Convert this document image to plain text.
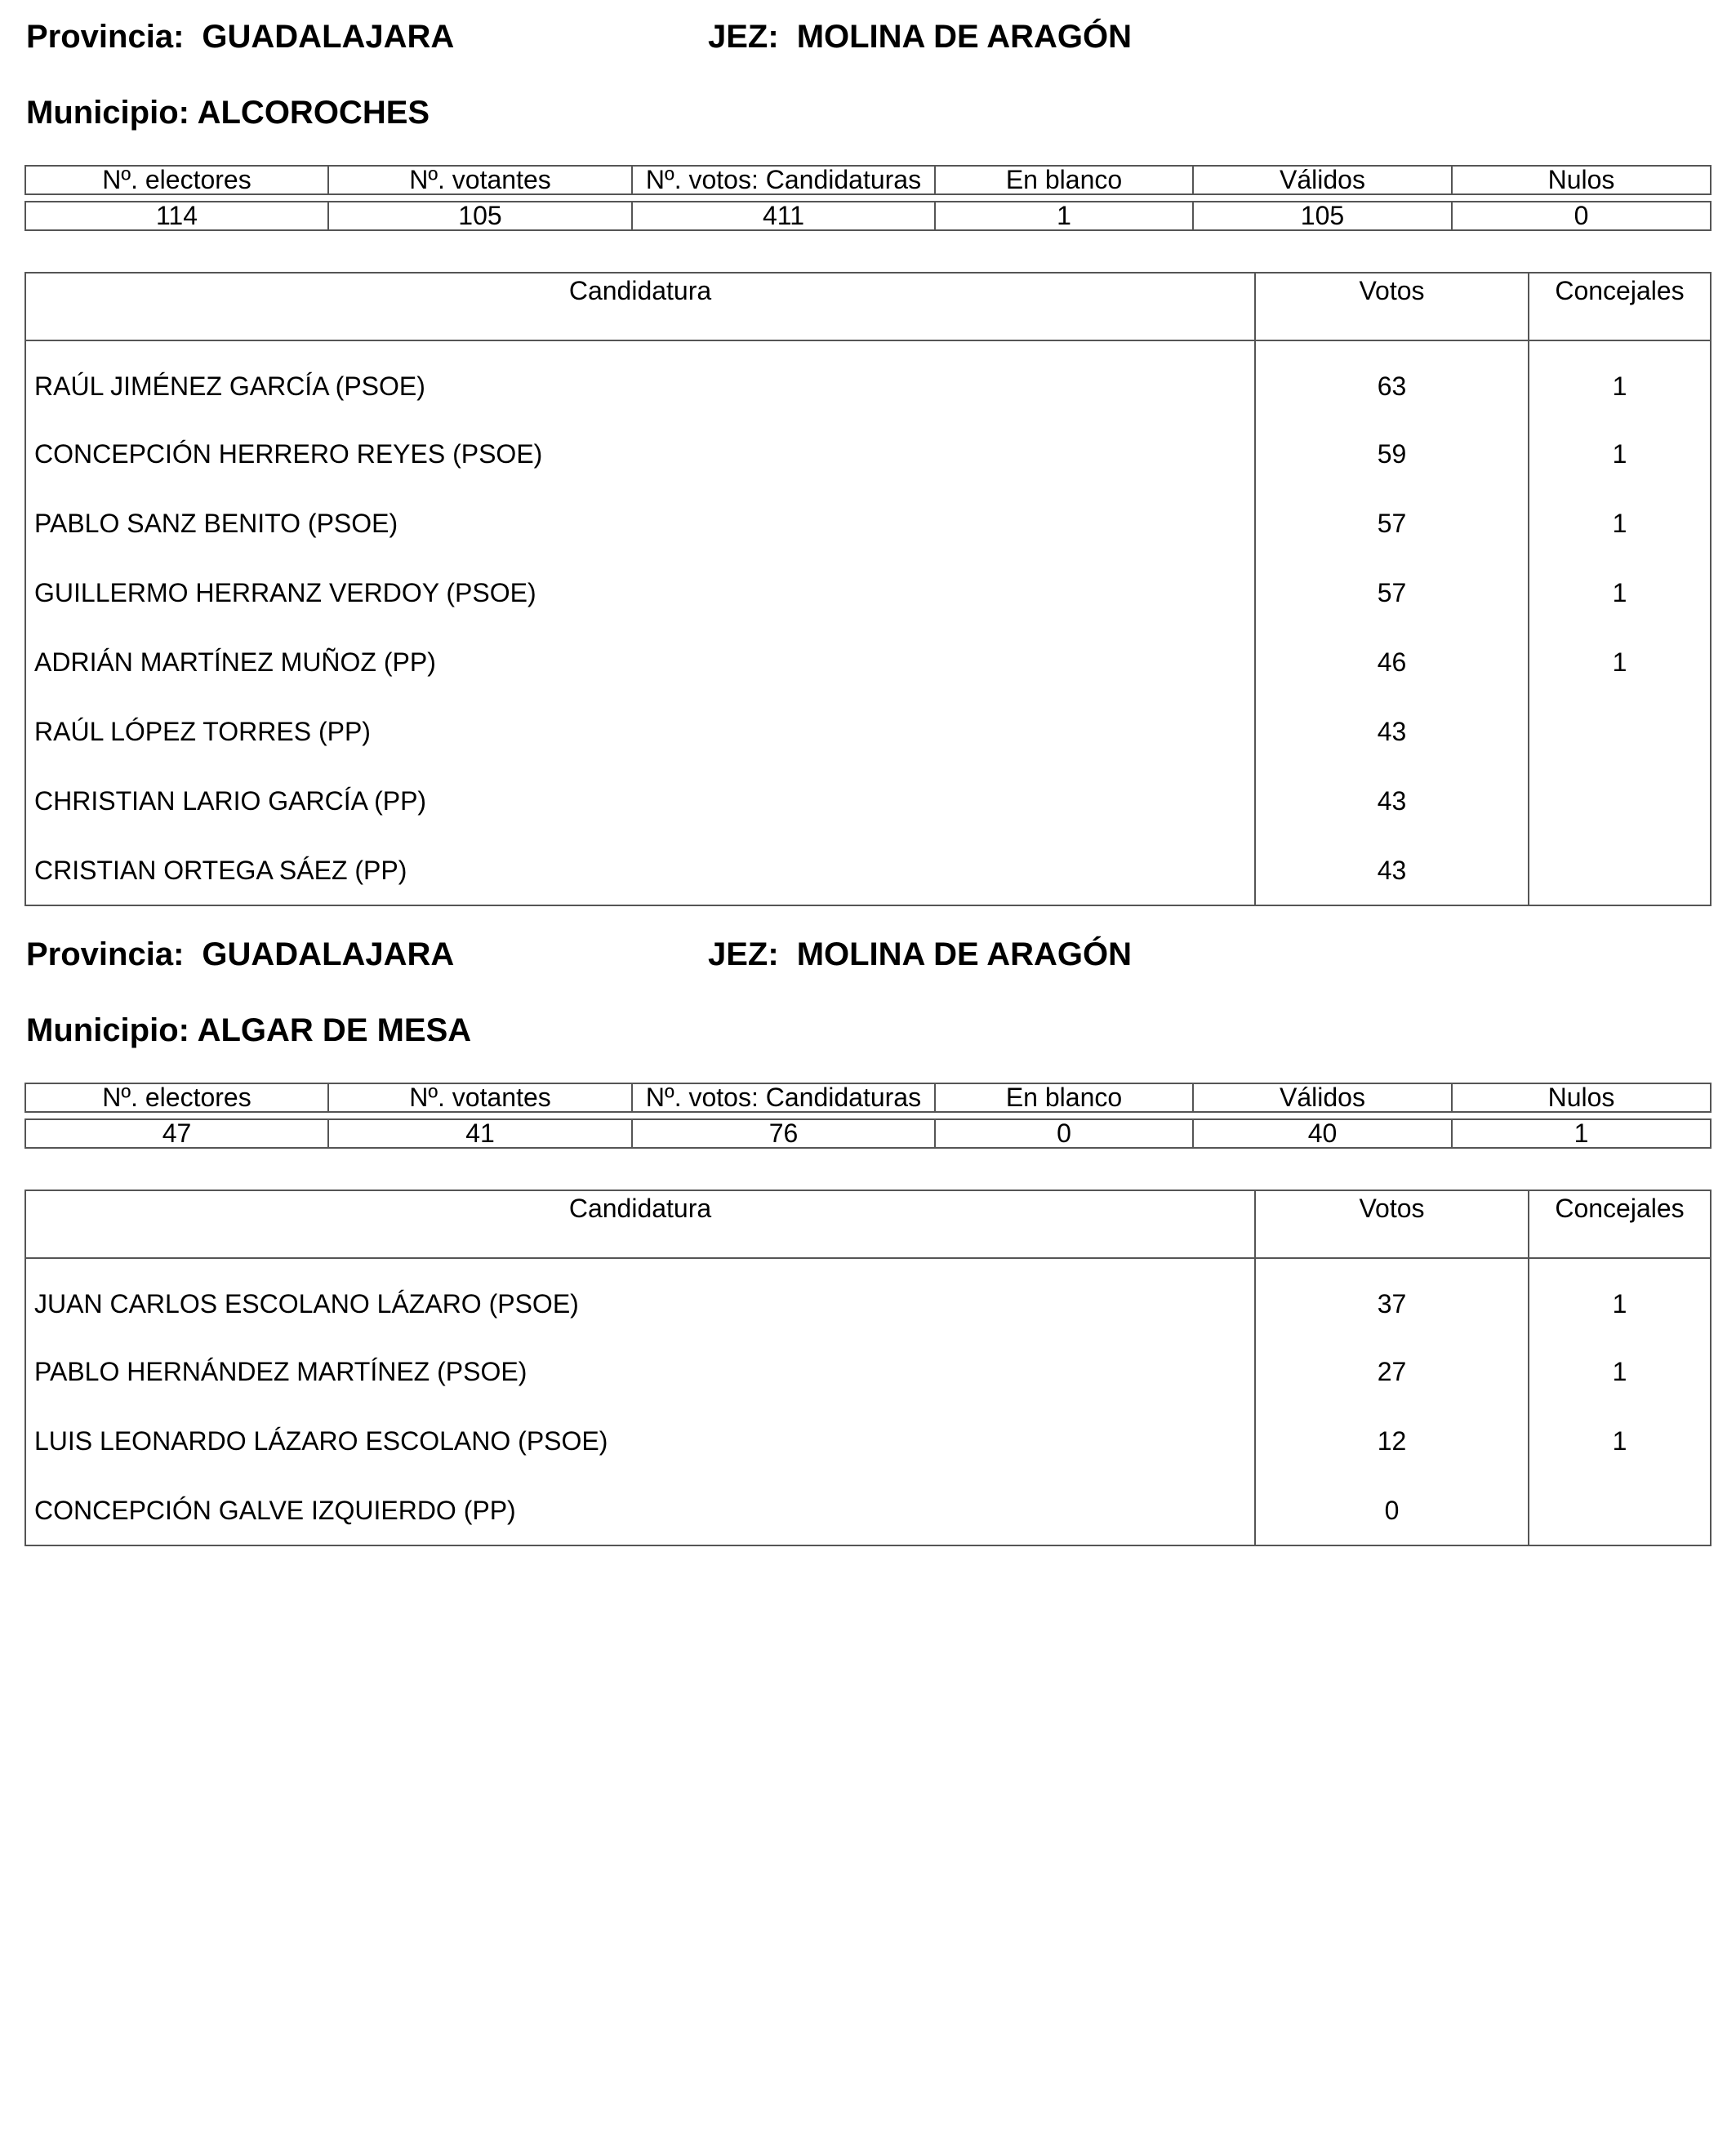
Provincia: GUADALAJARA	JEZ: MOLINA DE ARAGÓN
Municipio: ALCOROCHES
Nº. electores	Nº. votantes	Nº. votos: Candidaturas	En blanco	Válidos	Nulos
114	105	411	1	105	0
Candidatura	Votos	Concejales
RAÚL JIMÉNEZ GARCÍA (PSOE)	63	1
CONCEPCIÓN HERRERO REYES (PSOE)	59	1
PABLO SANZ BENITO (PSOE)	57	1
GUILLERMO HERRANZ VERDOY (PSOE)	57	1
ADRIÁN MARTÍNEZ MUÑOZ (PP)	46	1
RAÚL LÓPEZ TORRES (PP)	43	
CHRISTIAN LARIO GARCÍA (PP)	43	
CRISTIAN ORTEGA SÁEZ (PP)	43	
Provincia: GUADALAJARA	JEZ: MOLINA DE ARAGÓN
Municipio: ALGAR DE MESA
Nº. electores	Nº. votantes	Nº. votos: Candidaturas	En blanco	Válidos	Nulos
47	41	76	0	40	1
Candidatura	Votos	Concejales
JUAN CARLOS ESCOLANO LÁZARO (PSOE)	37	1
PABLO HERNÁNDEZ MARTÍNEZ (PSOE)	27	1
LUIS LEONARDO LÁZARO ESCOLANO (PSOE)	12	1
CONCEPCIÓN GALVE IZQUIERDO (PP)	0	
